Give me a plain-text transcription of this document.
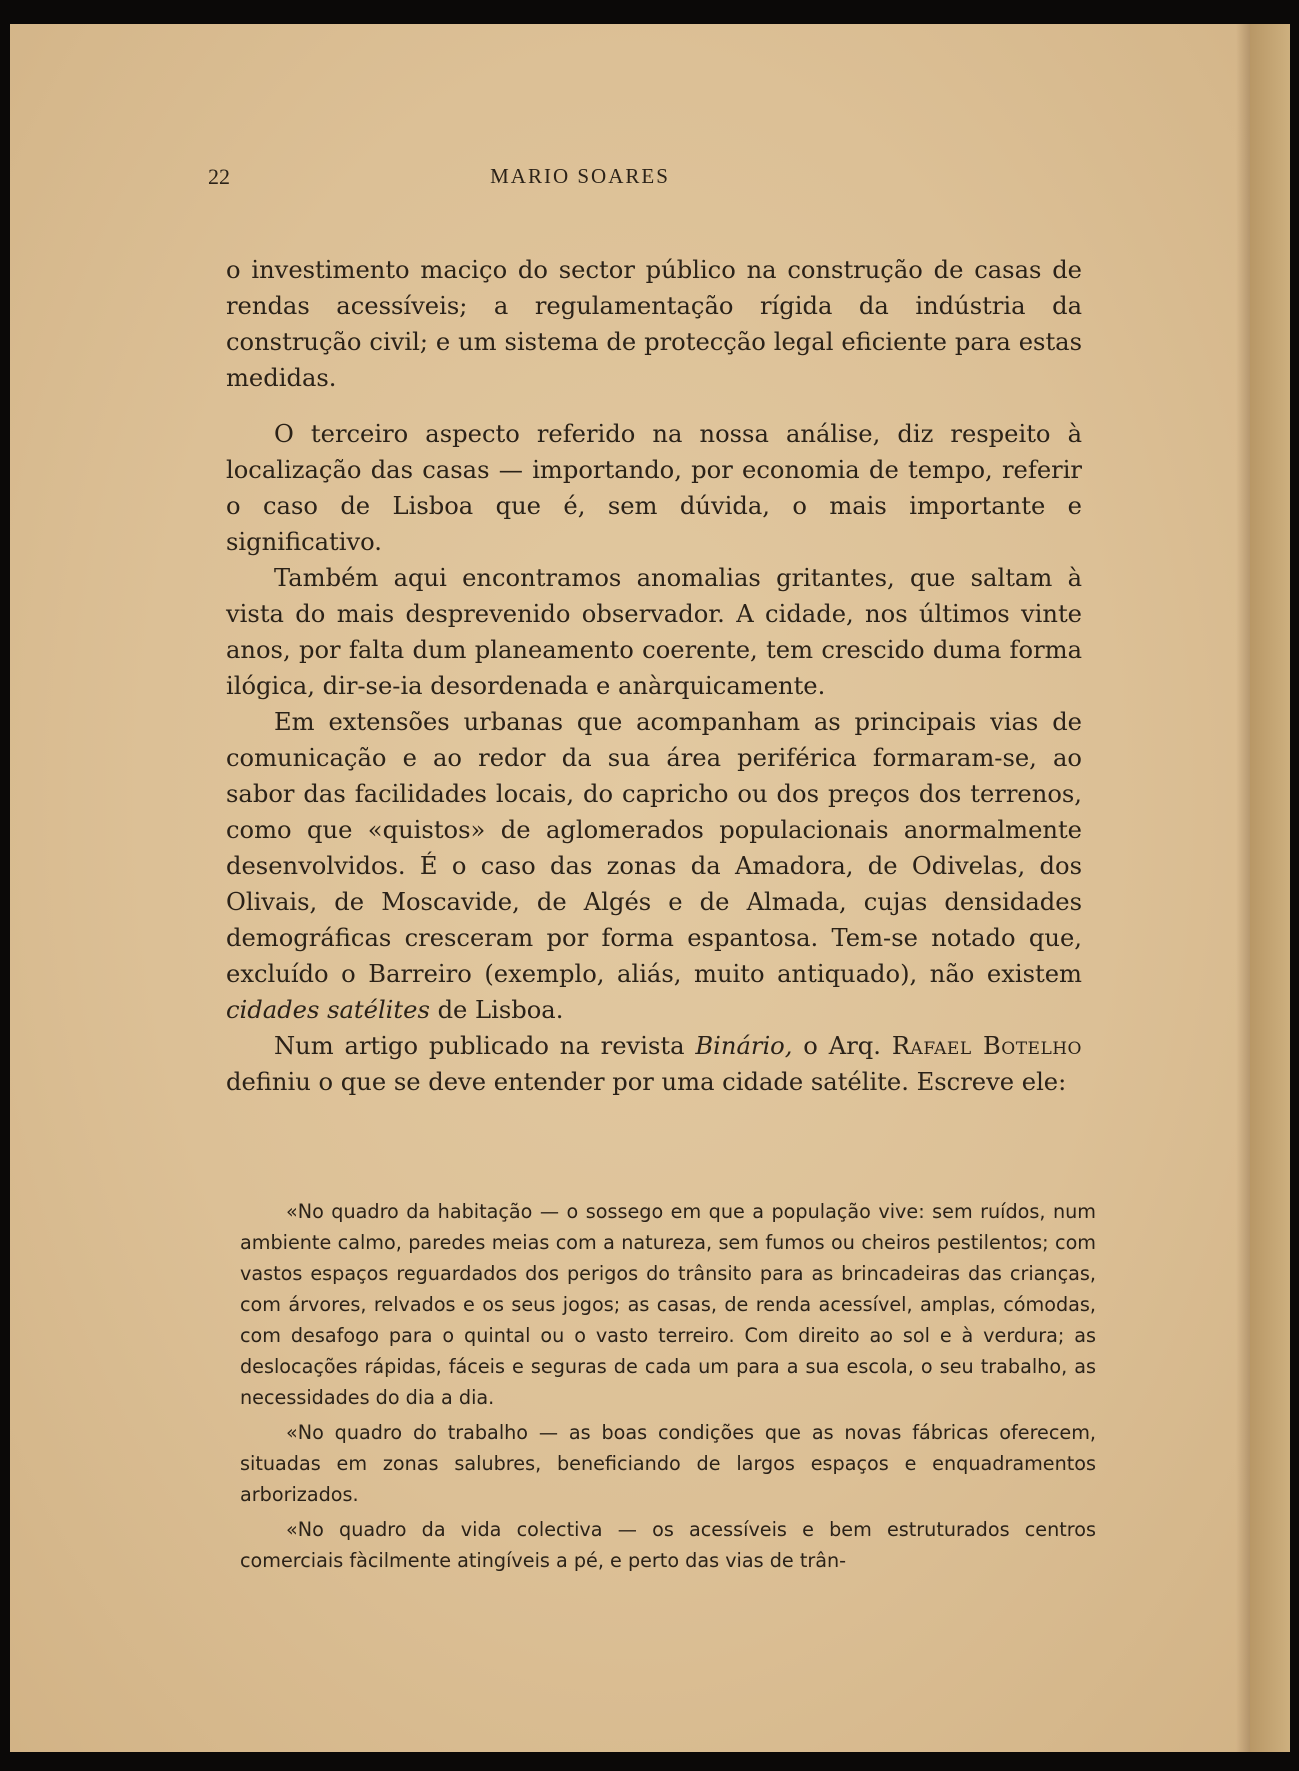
22	MARIO SOARES

o investimento maciço do sector público na construção de casas de rendas acessíveis; a regulamentação rígida da indústria da construção civil; e um sistema de protecção legal eficiente para estas medidas.

O terceiro aspecto referido na nossa análise, diz respeito à localização das casas — importando, por economia de tempo, referir o caso de Lisboa que é, sem dúvida, o mais importante e significativo.

Também aqui encontramos anomalias gritantes, que saltam à vista do mais desprevenido observador. A cidade, nos últimos vinte anos, por falta dum planeamento coerente, tem crescido duma forma ilógica, dir-se-ia desordenada e anàrquicamente.

Em extensões urbanas que acompanham as principais vias de comunicação e ao redor da sua área periférica formaram-se, ao sabor das facilidades locais, do capricho ou dos preços dos terrenos, como que «quistos» de aglomerados populacionais anormalmente desenvolvidos. É o caso das zonas da Amadora, de Odivelas, dos Olivais, de Moscavide, de Algés e de Almada, cujas densidades demográficas cresceram por forma espantosa. Tem-se notado que, excluído o Barreiro (exemplo, aliás, muito antiquado), não existem cidades satélites de Lisboa.

Num artigo publicado na revista Binário, o Arq. Rafael Botelho definiu o que se deve entender por uma cidade satélite. Escreve ele:

«No quadro da habitação — o sossego em que a população vive: sem ruídos, num ambiente calmo, paredes meias com a natureza, sem fumos ou cheiros pestilentos; com vastos espaços reguardados dos perigos do trânsito para as brincadeiras das crianças, com árvores, relvados e os seus jogos; as casas, de renda acessível, amplas, cómodas, com desafogo para o quintal ou o vasto terreiro. Com direito ao sol e à verdura; as deslocações rápidas, fáceis e seguras de cada um para a sua escola, o seu trabalho, as necessidades do dia a dia.

«No quadro do trabalho — as boas condições que as novas fábricas oferecem, situadas em zonas salubres, beneficiando de largos espaços e enquadramentos arborizados.

«No quadro da vida colectiva — os acessíveis e bem estruturados centros comerciais fàcilmente atingíveis a pé, e perto das vias de trân-
